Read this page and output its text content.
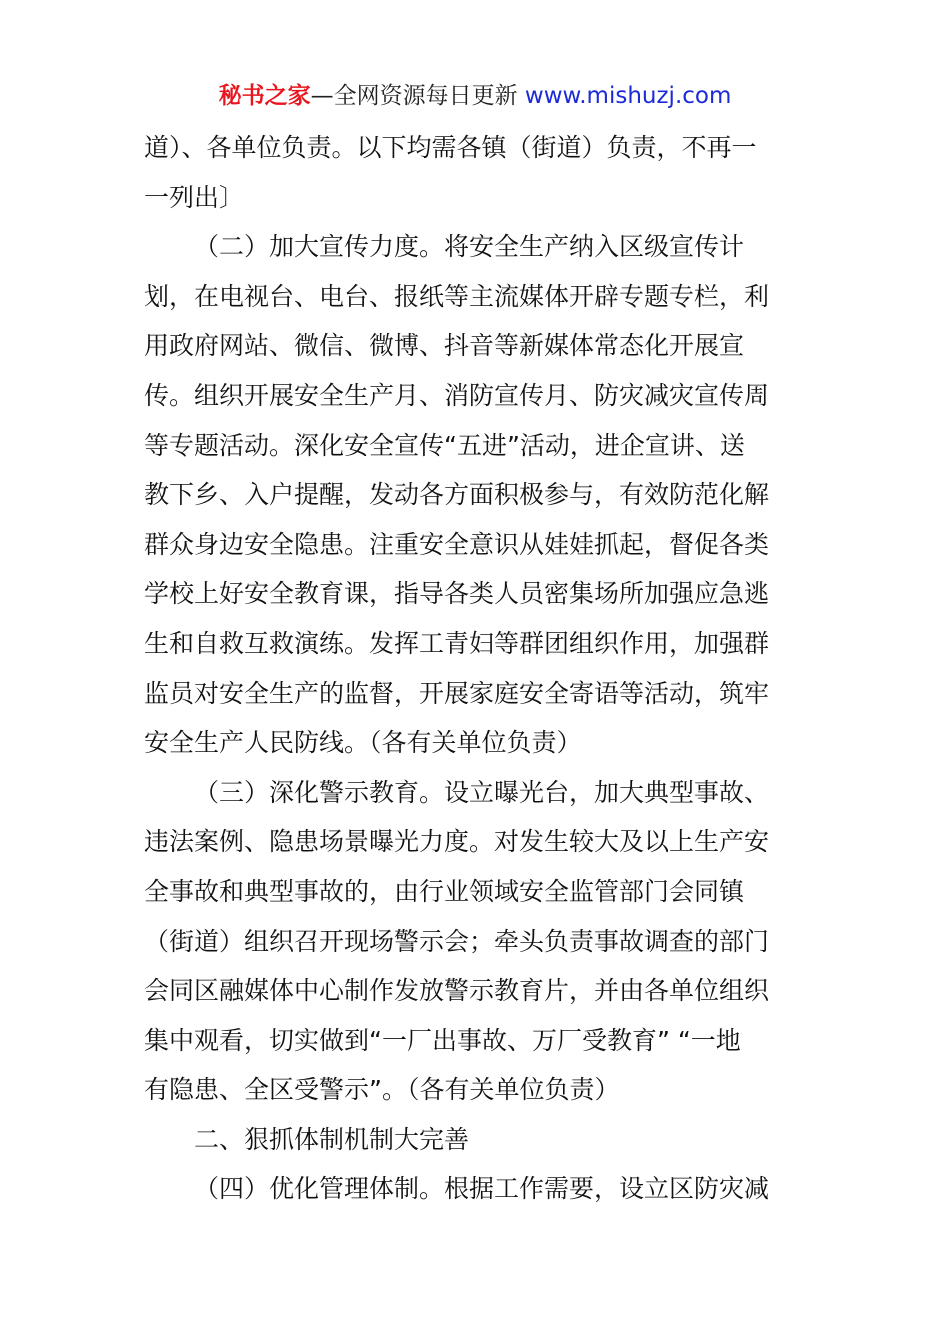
秘书之家—全网资源每日更新 www.mishuzj.com
道）、各单位负责。以下均需各镇（街道）负责，不再一
一列出〕
（二）加大宣传力度。将安全生产纳入区级宣传计
划，在电视台、电台、报纸等主流媒体开辟专题专栏，利
用政府网站、微信、微博、抖音等新媒体常态化开展宣
传。组织开展安全生产月、消防宣传月、防灾减灾宣传周
等专题活动。深化安全宣传“五进”活动，进企宣讲、送
教下乡、入户提醒，发动各方面积极参与，有效防范化解
群众身边安全隐患。注重安全意识从娃娃抓起，督促各类
学校上好安全教育课，指导各类人员密集场所加强应急逃
生和自救互救演练。发挥工青妇等群团组织作用，加强群
监员对安全生产的监督，开展家庭安全寄语等活动，筑牢
安全生产人民防线。（各有关单位负责）
（三）深化警示教育。设立曝光台，加大典型事故、
违法案例、隐患场景曝光力度。对发生较大及以上生产安
全事故和典型事故的，由行业领域安全监管部门会同镇
（街道）组织召开现场警示会；牵头负责事故调查的部门
会同区融媒体中心制作发放警示教育片，并由各单位组织
集中观看，切实做到“一厂出事故、万厂受教育” “一地
有隐患、全区受警示”。（各有关单位负责）
二、狠抓体制机制大完善
（四）优化管理体制。根据工作需要，设立区防灾减
